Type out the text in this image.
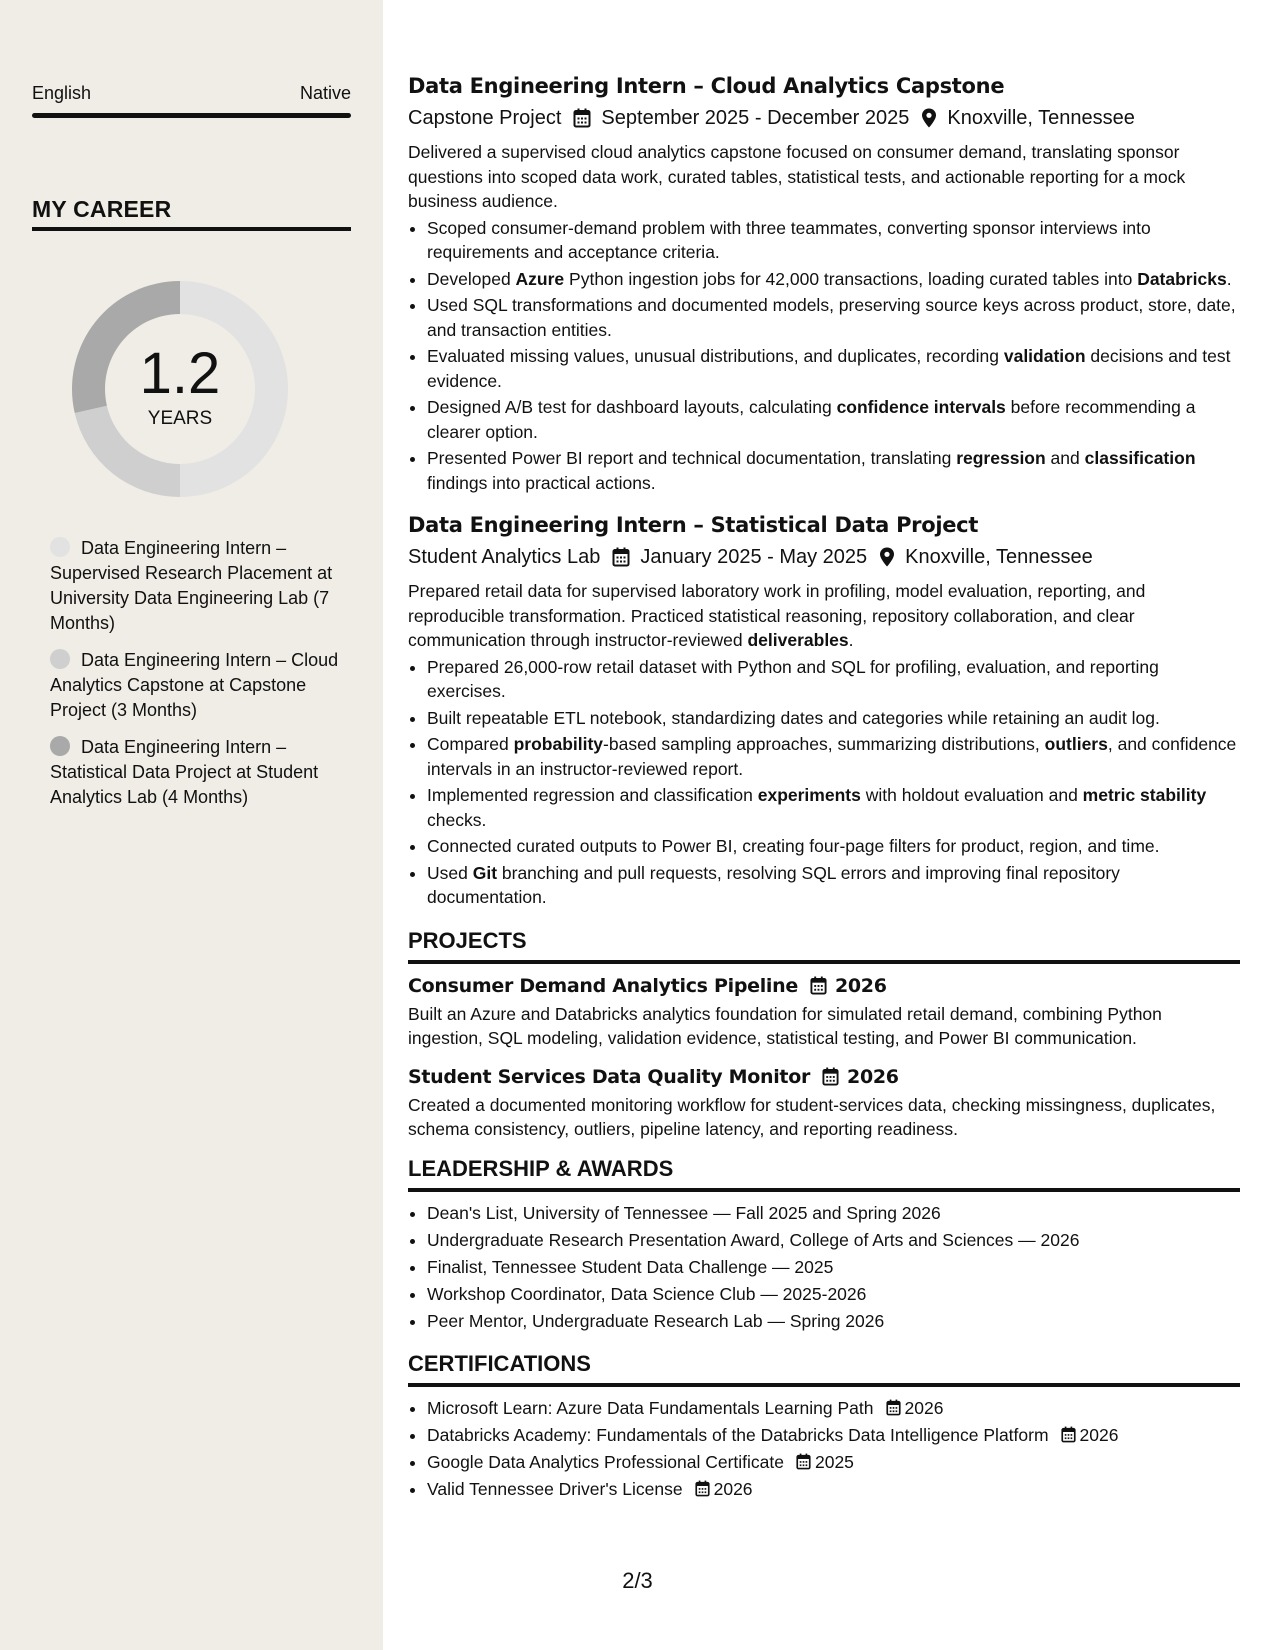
English	Native
MY CAREER
1.2
YEARS
Data Engineering Intern – Supervised Research Placement at University Data Engineering Lab (7 Months)
Data Engineering Intern – Cloud Analytics Capstone at Capstone Project (3 Months)
Data Engineering Intern – Statistical Data Project at Student Analytics Lab (4 Months)
Data Engineering Intern – Cloud Analytics Capstone
Capstone Project September 2025 - December 2025 Knoxville, Tennessee

Delivered a supervised cloud analytics capstone focused on consumer demand, translating sponsor questions into scoped data work, curated tables, statistical tests, and actionable reporting for a mock business audience.

• Scoped consumer-demand problem with three teammates, converting sponsor interviews into requirements and acceptance criteria.
• Developed Azure Python ingestion jobs for 42,000 transactions, loading curated tables into Databricks.
• Used SQL transformations and documented models, preserving source keys across product, store, date, and transaction entities.
• Evaluated missing values, unusual distributions, and duplicates, recording validation decisions and test evidence.
• Designed A/B test for dashboard layouts, calculating confidence intervals before recommending a clearer option.
• Presented Power BI report and technical documentation, translating regression and classification findings into practical actions.
Data Engineering Intern – Statistical Data Project
Student Analytics Lab January 2025 - May 2025 Knoxville, Tennessee

Prepared retail data for supervised laboratory work in profiling, model evaluation, reporting, and reproducible transformation. Practiced statistical reasoning, repository collaboration, and clear communication through instructor-reviewed deliverables.

• Prepared 26,000-row retail dataset with Python and SQL for profiling, evaluation, and reporting exercises.
• Built repeatable ETL notebook, standardizing dates and categories while retaining an audit log.
• Compared probability-based sampling approaches, summarizing distributions, outliers, and confidence intervals in an instructor-reviewed report.
• Implemented regression and classification experiments with holdout evaluation and metric stability checks.
• Connected curated outputs to Power BI, creating four-page filters for product, region, and time.
• Used Git branching and pull requests, resolving SQL errors and improving final repository documentation.
PROJECTS
Consumer Demand Analytics Pipeline 2026

Built an Azure and Databricks analytics foundation for simulated retail demand, combining Python ingestion, SQL modeling, validation evidence, statistical testing, and Power BI communication.

Student Services Data Quality Monitor 2026

Created a documented monitoring workflow for student-services data, checking missingness, duplicates, schema consistency, outliers, pipeline latency, and reporting readiness.

LEADERSHIP & AWARDS
• Dean's List, University of Tennessee — Fall 2025 and Spring 2026
• Undergraduate Research Presentation Award, College of Arts and Sciences — 2026
• Finalist, Tennessee Student Data Challenge — 2025
• Workshop Coordinator, Data Science Club — 2025-2026
• Peer Mentor, Undergraduate Research Lab — Spring 2026
CERTIFICATIONS
• Microsoft Learn: Azure Data Fundamentals Learning Path 2026
• Databricks Academy: Fundamentals of the Databricks Data Intelligence Platform 2026
• Google Data Analytics Professional Certificate 2025
• Valid Tennessee Driver's License 2026
2/3
